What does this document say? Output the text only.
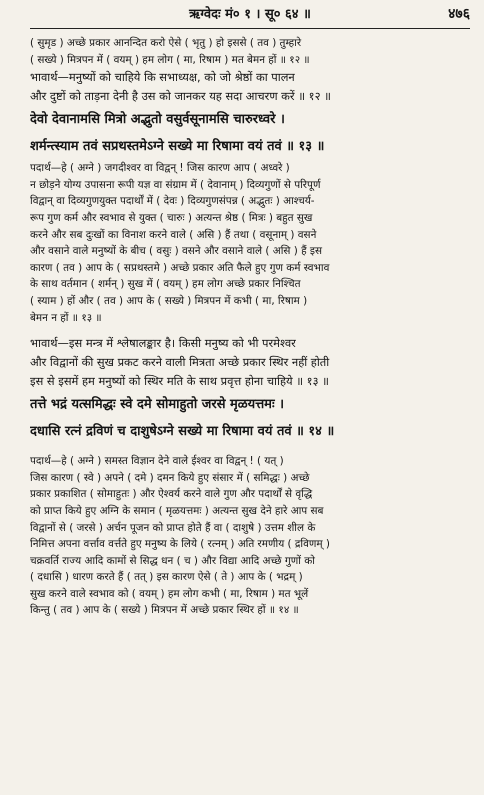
ऋग्वेदः मं० १ । सू० ६४ ॥	४७६

( सुमृड ) अच्छे प्रकार आनन्दित करो ऐसे ( भृतु ) हो इससे ( तव ) तुम्हारे

( सख्ये ) मित्रपन में ( वयम् ) हम लोग ( मा, रिषाम ) मत बेमन हों ॥ १२ ॥

भावार्थ—मनुष्यों को चाहिये कि सभाध्यक्ष, को जो श्रेष्ठों का पालन

और दुष्टों को ताड़ना देनी है उस को जानकर यह सदा आचरण करें ॥ १२ ॥

देवो देवानामसि मित्रो अद्भुतो वसुर्वसूनामसि चारुरध्वरे ।

शर्मन्त्स्याम तवं सप्रथस्तमेऽग्ने सख्ये मा रिषामा वयं तवं ॥ १३ ॥

पदार्थ—हे ( अग्ने ) जगदीश्वर वा विद्वन् ! जिस कारण आप ( अध्वरे )

न छोड़ने योग्य उपासना रूपी यज्ञ वा संग्राम में ( देवानाम् ) दिव्यगुणों से परिपूर्ण

विद्वान् वा दिव्यगुणयुक्त पदार्थों में ( देवः ) दिव्यगुणसंपन्न ( अद्भुतः ) आश्चर्य-

रूप गुण कर्म और स्वभाव से युक्त ( चारुः ) अत्यन्त श्रेष्ठ ( मित्रः ) बहुत सुख

करने और सब दुःखों का विनाश करने वाले ( असि ) हैं तथा ( वसूनाम् ) वसने

और वसाने वाले मनुष्यों के बीच ( वसुः ) वसने और वसाने वाले ( असि ) हैं इस

कारण ( तव ) आप के ( सप्रथस्तमे ) अच्छे प्रकार अति फैले हुए गुण कर्म स्वभाव

के साथ वर्तमान ( शर्मन् ) सुख में ( वयम् ) हम लोग अच्छे प्रकार निश्चित

( स्याम ) हों और ( तव ) आप के ( सख्ये ) मित्रपन में कभी ( मा, रिषाम )

बेमन न हों ॥ १३ ॥

भावार्थ—इस मन्त्र में श्लेषालङ्कार है। किसी मनुष्य को भी परमेश्वर

और विद्वानों की सुख प्रकट करने वाली मित्रता अच्छे प्रकार स्थिर नहीं होती

इस से इसमें हम मनुष्यों को स्थिर मति के साथ प्रवृत्त होना चाहिये ॥ १३ ॥

तत्ते भद्रं यत्समिद्धः स्वे दमे सोमाहुतो जरसे मृळयत्तमः ।

दधासि रत्नं द्रविणं च दाशुषेऽग्ने सख्ये मा रिषामा वयं तवं ॥ १४ ॥

पदार्थ—हे ( अग्ने ) समस्त विज्ञान देने वाले ईश्वर वा विद्वन् ! ( यत् )

जिस कारण ( स्वे ) अपने ( दमे ) दमन किये हुए संसार में ( समिद्धः ) अच्छे

प्रकार प्रकाशित ( सोमाहुतः ) और ऐश्वर्य करने वाले गुण और पदार्थों से वृद्धि

को प्राप्त किये हुए अग्नि के समान ( मृळयत्तमः ) अत्यन्त सुख देने हारे आप सब

विद्वानों से ( जरसे ) अर्चन पूजन को प्राप्त होते हैं वा ( दाशुषे ) उत्तम शील के

निमित्त अपना वर्त्ताव वर्त्तते हुए मनुष्य के लिये ( रत्नम् ) अति रमणीय ( द्रविणम् )

चक्रवर्ति राज्य आदि कामों से सिद्ध धन ( च ) और विद्या आदि अच्छे गुणों को

( दधासि ) धारण करते हैं ( तत् ) इस कारण ऐसे ( ते ) आप के ( भद्रम् )

सुख करने वाले स्वभाव को ( वयम् ) हम लोग कभी ( मा, रिषाम ) मत भूलें

किन्तु ( तव ) आप के ( सख्ये ) मित्रपन में अच्छे प्रकार स्थिर हों ॥ १४ ॥
